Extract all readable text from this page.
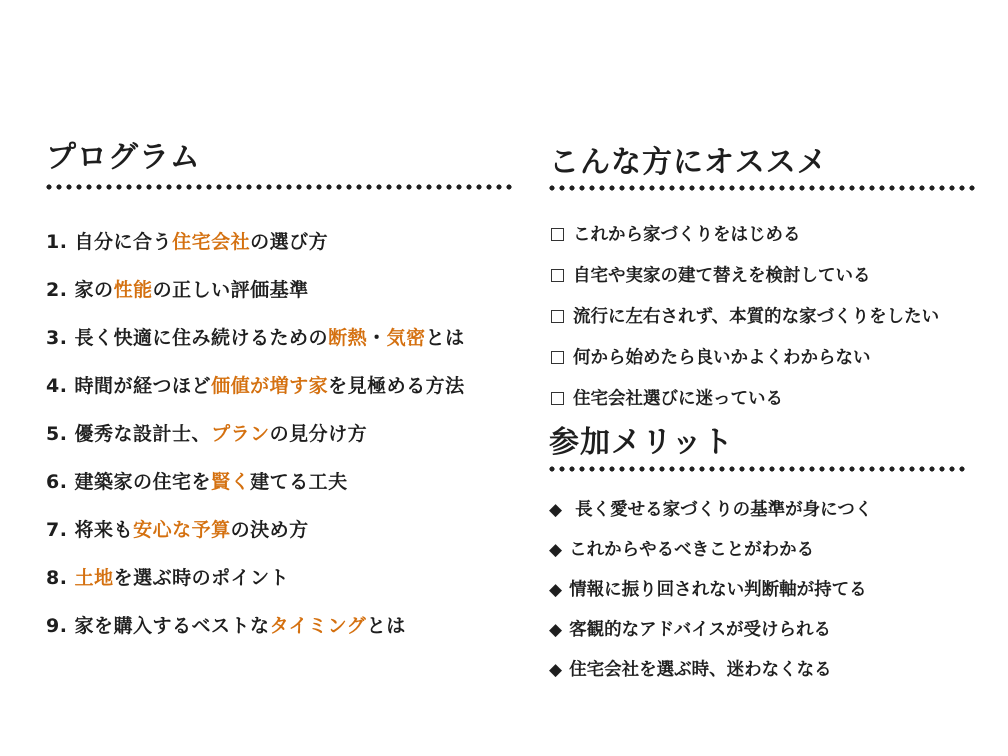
プログラム
1. 自分に合う住宅会社の選び方
2. 家の性能の正しい評価基準
3. 長く快適に住み続けるための断熱・気密とは
4. 時間が経つほど価値が増す家を見極める方法
5. 優秀な設計士、プランの見分け方
6. 建築家の住宅を賢く建てる工夫
7. 将来も安心な予算の決め方
8. 土地を選ぶ時のポイント
9. 家を購入するベストなタイミングとは
こんな方にオススメ
これから家づくりをはじめる
自宅や実家の建て替えを検討している
流行に左右されず、本質的な家づくりをしたい
何から始めたら良いかよくわからない
住宅会社選びに迷っている
参加メリット
◆ 長く愛せる家づくりの基準が身につく
◆ これからやるべきことがわかる
◆ 情報に振り回されない判断軸が持てる
◆ 客観的なアドバイスが受けられる
◆ 住宅会社を選ぶ時、迷わなくなる
